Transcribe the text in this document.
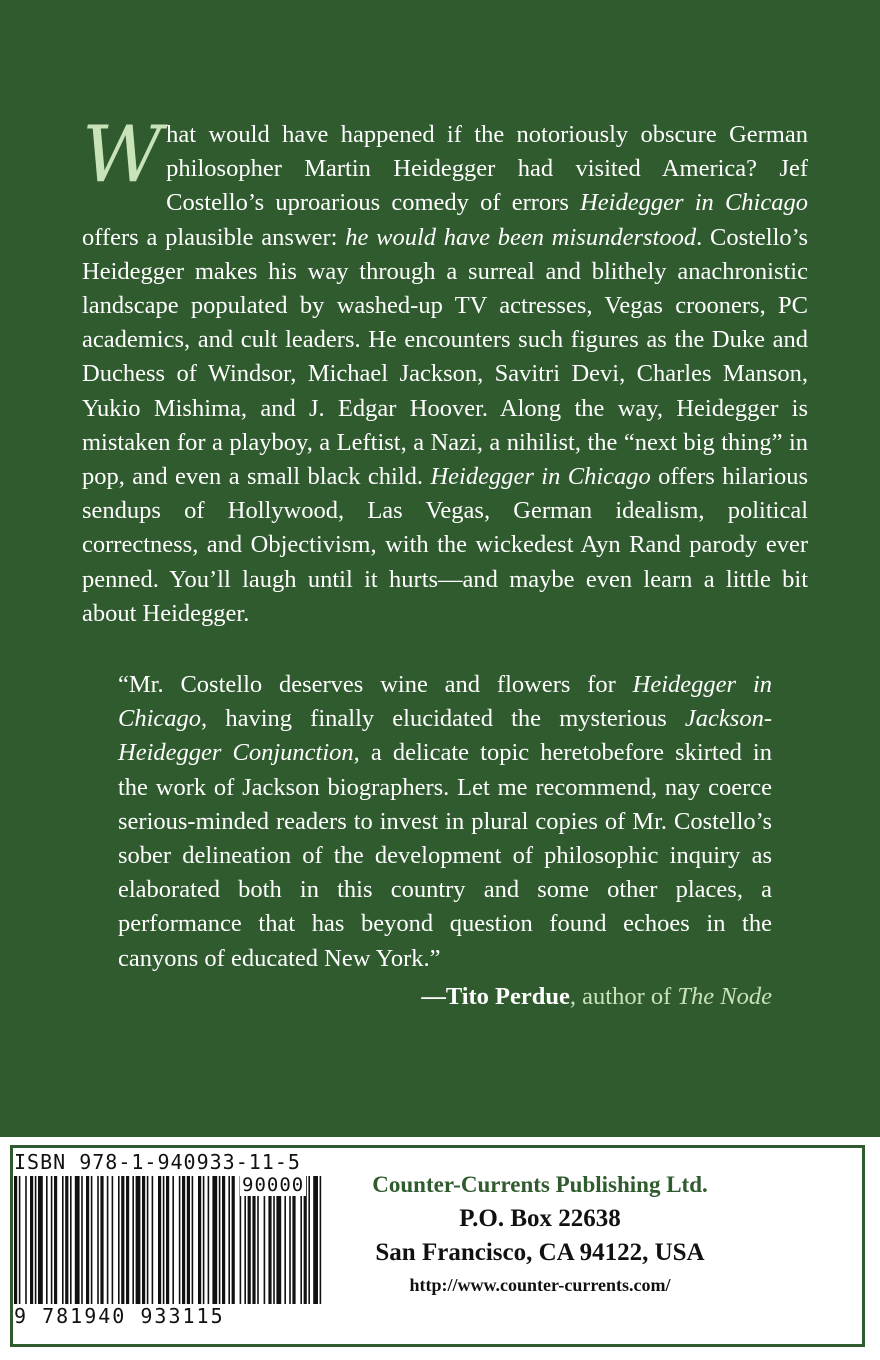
What would have happened if the notoriously obscure German philosopher Martin Heidegger had visited America? Jef Costello’s uproarious comedy of errors Heidegger in Chicago offers a plausible answer: he would have been misunderstood. Costello’s Heidegger makes his way through a surreal and blithely anachronistic landscape populated by washed-up TV actresses, Vegas crooners, PC academics, and cult leaders. He encounters such figures as the Duke and Duchess of Windsor, Michael Jackson, Savitri Devi, Charles Manson, Yukio Mishima, and J. Edgar Hoover. Along the way, Heidegger is mistaken for a playboy, a Leftist, a Nazi, a nihilist, the “next big thing” in pop, and even a small black child. Heidegger in Chicago offers hilarious sendups of Hollywood, Las Vegas, German idealism, political correctness, and Objectivism, with the wickedest Ayn Rand parody ever penned. You’ll laugh until it hurts—and maybe even learn a little bit about Heidegger.

“Mr. Costello deserves wine and flowers for Heidegger in Chicago, having finally elucidated the mysterious Jackson-Heidegger Conjunction, a delicate topic heretobefore skirted in the work of Jackson biographers. Let me recommend, nay coerce serious-minded readers to invest in plural copies of Mr. Costello’s sober delineation of the development of philosophic inquiry as elaborated both in this country and some other places, a performance that has beyond question found echoes in the canyons of educated New York.”

—Tito Perdue, author of The Node
ISBN 978-1-940933-11-5
90000
9 781940 933115
Counter-Currents Publishing Ltd.
P.O. Box 22638
San Francisco, CA 94122, USA
http://www.counter-currents.com/
